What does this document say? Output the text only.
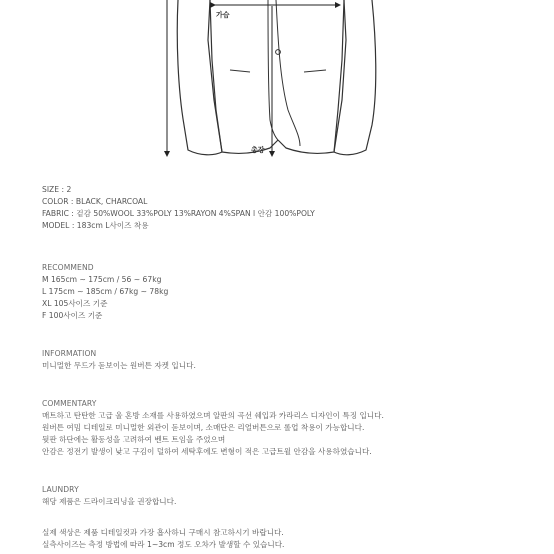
가슴
총장
SIZE : 2
COLOR : BLACK, CHARCOAL
FABRIC : 겉감 50%WOOL 33%POLY 13%RAYON 4%SPAN l 안감 100%POLY
MODEL : 183cm L사이즈 착용
RECOMMEND
M 165cm ~ 175cm / 56 ~ 67kg
L 175cm ~ 185cm / 67kg ~ 78kg
XL 105사이즈 기준
F 100사이즈 기준
INFORMATION
미니멀한 무드가 돋보이는 원버튼 자켓 입니다.
COMMENTARY
매트하고 탄탄한 고급 울 혼방 소재를 사용하였으며 알판의 곡선 쉐입과 카라리스 디자인이 특징 입니다.
원버튼 여밈 디테일로 미니멀한 외관이 돋보이며, 소매단은 리얼버튼으로 롤업 착용이 가능합니다.
뒷판 하단에는 활동성을 고려하여 벤트 트임을 주었으며
안감은 정전기 발생이 낮고 구김이 덜하여 세탁후에도 변형이 적은 고급트윌 안감을 사용하였습니다.
LAUNDRY
해당 제품은 드라이크리닝을 권장합니다.
실제 색상은 제품 디테일컷과 가장 흡사하니 구매시 참고하시기 바랍니다.
실측사이즈는 측정 방법에 따라 1~3cm 정도 오차가 발생할 수 있습니다.
